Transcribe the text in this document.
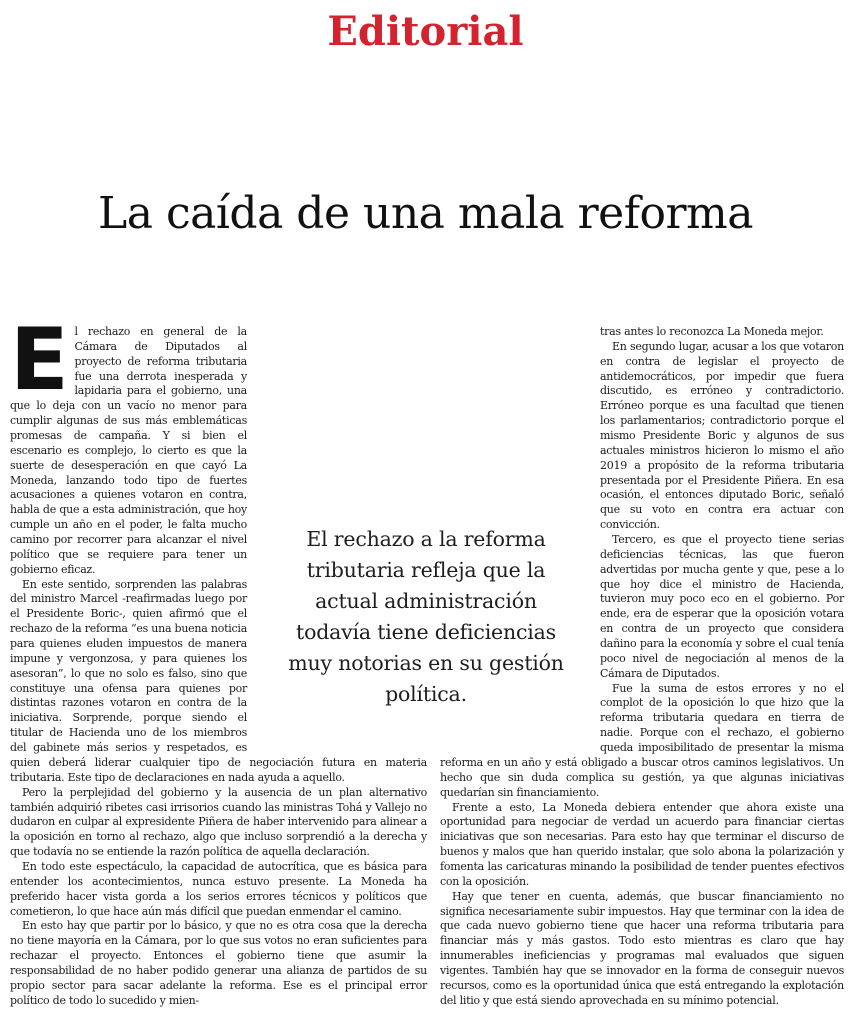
Editorial
La caída de una mala reforma

El rechazo en general de la Cámara de Diputados al proyecto de reforma tributaria fue una derrota inesperada y lapidaria para el gobierno, una que lo deja con un vacío no menor para cumplir algunas de sus más emblemáticas promesas de campaña. Y si bien el escenario es complejo, lo cierto es que la suerte de desesperación en que cayó La Moneda, lanzando todo tipo de fuertes acusaciones a quienes votaron en contra, habla de que a esta administración, que hoy cumple un año en el poder, le falta mucho camino por recorrer para alcanzar el nivel político que se requiere para tener un gobierno eficaz.

En este sentido, sorprenden las palabras del ministro Marcel -reafirmadas luego por el Presidente Boric-, quien afirmó que el rechazo de la reforma “es una buena noticia para quienes eluden impuestos de manera impune y vergonzosa, y para quienes los asesoran”, lo que no solo es falso, sino que constituye una ofensa para quienes por distintas razones votaron en contra de la iniciativa. Sorprende, porque siendo el titular de Hacienda uno de los miembros del gabinete más serios y respetados, es quien deberá liderar cualquier tipo de negociación futura en materia tributaria. Este tipo de declaraciones en nada ayuda a aquello.

Pero la perplejidad del gobierno y la ausencia de un plan alternativo también adquirió ribetes casi irrisorios cuando las ministras Tohá y Vallejo no dudaron en culpar al expresidente Piñera de haber intervenido para alinear a la oposición en torno al rechazo, algo que incluso sorprendió a la derecha y que todavía no se entiende la razón política de aquella declaración.

En todo este espectáculo, la capacidad de autocrítica, que es básica para entender los acontecimientos, nunca estuvo presente. La Moneda ha preferido hacer vista gorda a los serios errores técnicos y políticos que cometieron, lo que hace aún más difícil que puedan enmendar el camino.

En esto hay que partir por lo básico, y que no es otra cosa que la derecha no tiene mayoría en la Cámara, por lo que sus votos no eran suficientes para rechazar el proyecto. Entonces el gobierno tiene que asumir la responsabilidad de no haber podido generar una alianza de partidos de su propio sector para sacar adelante la reforma. Ese es el principal error político de todo lo sucedido y mien-

tras antes lo reconozca La Moneda mejor.

En segundo lugar, acusar a los que votaron en contra de legislar el proyecto de antidemocráticos, por impedir que fuera discutido, es erróneo y contradictorio. Erróneo porque es una facultad que tienen los parlamentarios; contradictorio porque el mismo Presidente Boric y algunos de sus actuales ministros hicieron lo mismo el año 2019 a propósito de la reforma tributaria presentada por el Presidente Piñera. En esa ocasión, el entonces diputado Boric, señaló que su voto en contra era actuar con convicción.

Tercero, es que el proyecto tiene serias deficiencias técnicas, las que fueron advertidas por mucha gente y que, pese a lo que hoy dice el ministro de Hacienda, tuvieron muy poco eco en el gobierno. Por ende, era de esperar que la oposición votara en contra de un proyecto que considera dañino para la economía y sobre el cual tenía poco nivel de negociación al menos de la Cámara de Diputados.

Fue la suma de estos errores y no el complot de la oposición lo que hizo que la reforma tributaria quedara en tierra de nadie. Porque con el rechazo, el gobierno queda imposibilitado de presentar la misma reforma en un año y está obligado a buscar otros caminos legislativos. Un hecho que sin duda complica su gestión, ya que algunas iniciativas quedarían sin financiamiento.

Frente a esto, La Moneda debiera entender que ahora existe una oportunidad para negociar de verdad un acuerdo para financiar ciertas iniciativas que son necesarias. Para esto hay que terminar el discurso de buenos y malos que han querido instalar, que solo abona la polarización y fomenta las caricaturas minando la posibilidad de tender puentes efectivos con la oposición.

Hay que tener en cuenta, además, que buscar financiamiento no significa necesariamente subir impuestos. Hay que terminar con la idea de que cada nuevo gobierno tiene que hacer una reforma tributaria para financiar más y más gastos. Todo esto mientras es claro que hay innumerables ineficiencias y programas mal evaluados que siguen vigentes. También hay que se innovador en la forma de conseguir nuevos recursos, como es la oportunidad única que está entregando la explotación del litio y que está siendo aprovechada en su mínimo potencial.

El rechazo a la reforma tributaria refleja que la actual administración todavía tiene deficiencias muy notorias en su gestión política.
